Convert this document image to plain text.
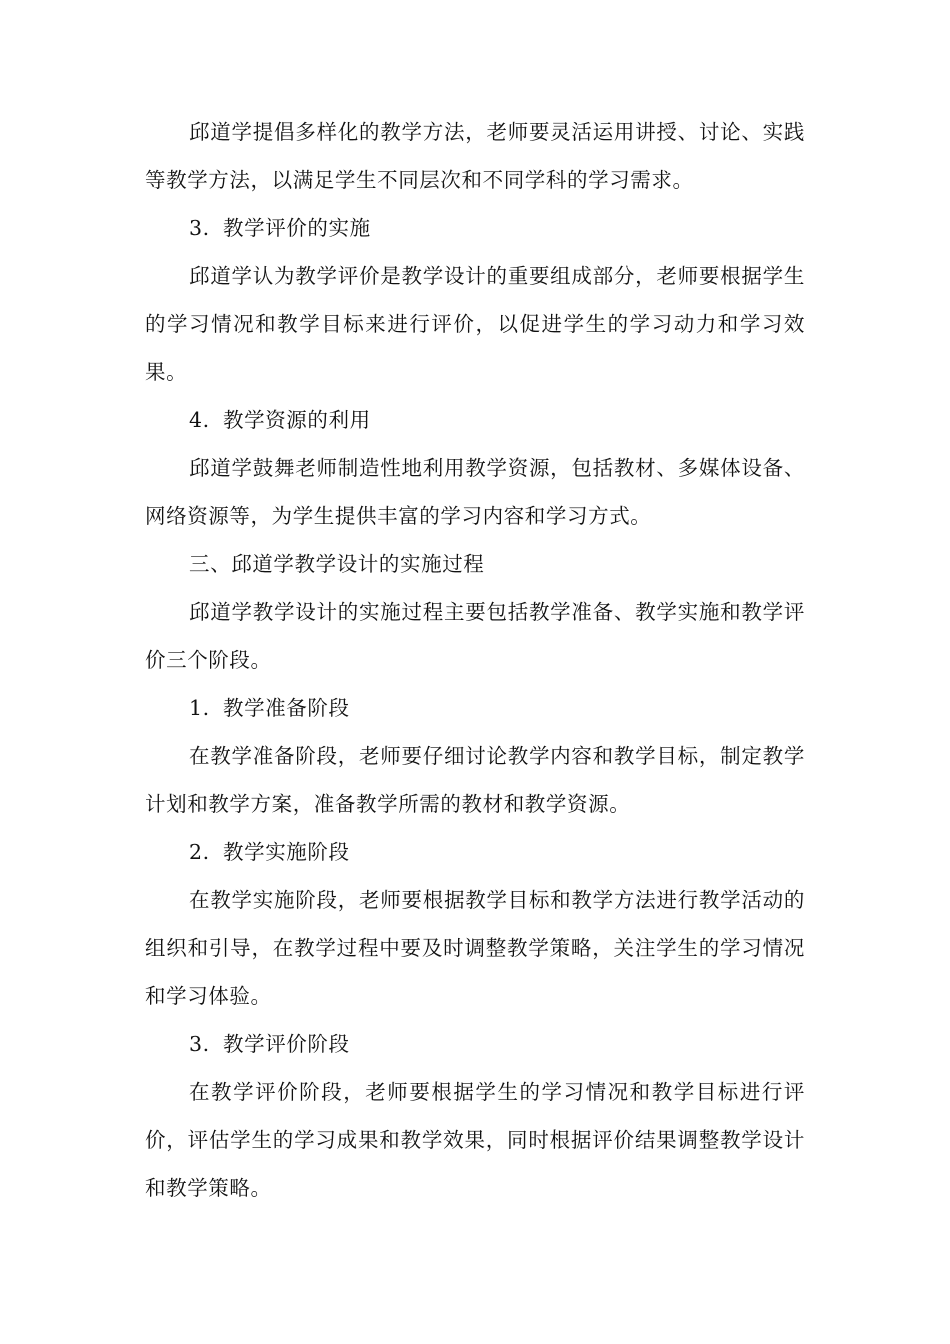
邱道学提倡多样化的教学方法，老师要灵活运用讲授、讨论、实践等教学方法，以满足学生不同层次和不同学科的学习需求。

3. 教学评价的实施

邱道学认为教学评价是教学设计的重要组成部分，老师要根据学生的学习情况和教学目标来进行评价，以促进学生的学习动力和学习效果。

4. 教学资源的利用

邱道学鼓舞老师制造性地利用教学资源，包括教材、多媒体设备、网络资源等，为学生提供丰富的学习内容和学习方式。

三、邱道学教学设计的实施过程

邱道学教学设计的实施过程主要包括教学准备、教学实施和教学评价三个阶段。

1. 教学准备阶段

在教学准备阶段，老师要仔细讨论教学内容和教学目标，制定教学计划和教学方案，准备教学所需的教材和教学资源。

2. 教学实施阶段

在教学实施阶段，老师要根据教学目标和教学方法进行教学活动的组织和引导，在教学过程中要及时调整教学策略，关注学生的学习情况和学习体验。

3. 教学评价阶段

在教学评价阶段，老师要根据学生的学习情况和教学目标进行评价，评估学生的学习成果和教学效果，同时根据评价结果调整教学设计和教学策略。
